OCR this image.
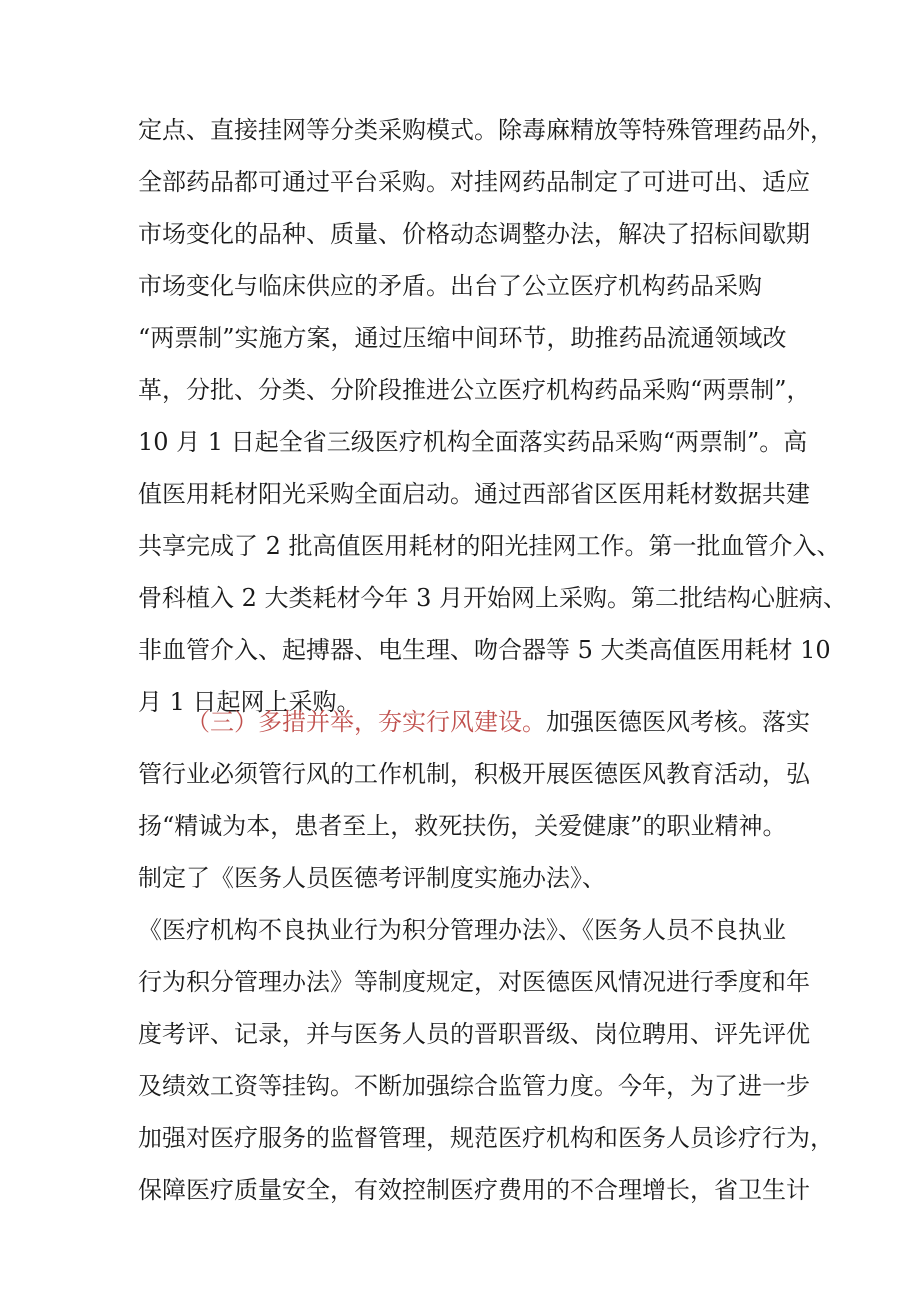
定点、直接挂网等分类采购模式。除毒麻精放等特殊管理药品外，
全部药品都可通过平台采购。对挂网药品制定了可进可出、适应
市场变化的品种、质量、价格动态调整办法，解决了招标间歇期
市场变化与临床供应的矛盾。出台了公立医疗机构药品采购
“两票制”实施方案，通过压缩中间环节，助推药品流通领域改
革，分批、分类、分阶段推进公立医疗机构药品采购“两票制”，
10 月 1 日起全省三级医疗机构全面落实药品采购“两票制”。高
值医用耗材阳光采购全面启动。通过西部省区医用耗材数据共建
共享完成了 2 批高值医用耗材的阳光挂网工作。第一批血管介入、
骨科植入 2 大类耗材今年 3 月开始网上采购。第二批结构心脏病、
非血管介入、起搏器、电生理、吻合器等 5 大类高值医用耗材 10
月 1 日起网上采购。
（三）多措并举，夯实行风建设。加强医德医风考核。落实
管行业必须管行风的工作机制，积极开展医德医风教育活动，弘
扬“精诚为本，患者至上，救死扶伤，关爱健康”的职业精神。
制定了《医务人员医德考评制度实施办法》、
《医疗机构不良执业行为积分管理办法》、《医务人员不良执业
行为积分管理办法》等制度规定，对医德医风情况进行季度和年
度考评、记录，并与医务人员的晋职晋级、岗位聘用、评先评优
及绩效工资等挂钩。不断加强综合监管力度。今年，为了进一步
加强对医疗服务的监督管理，规范医疗机构和医务人员诊疗行为，
保障医疗质量安全，有效控制医疗费用的不合理增长，省卫生计
